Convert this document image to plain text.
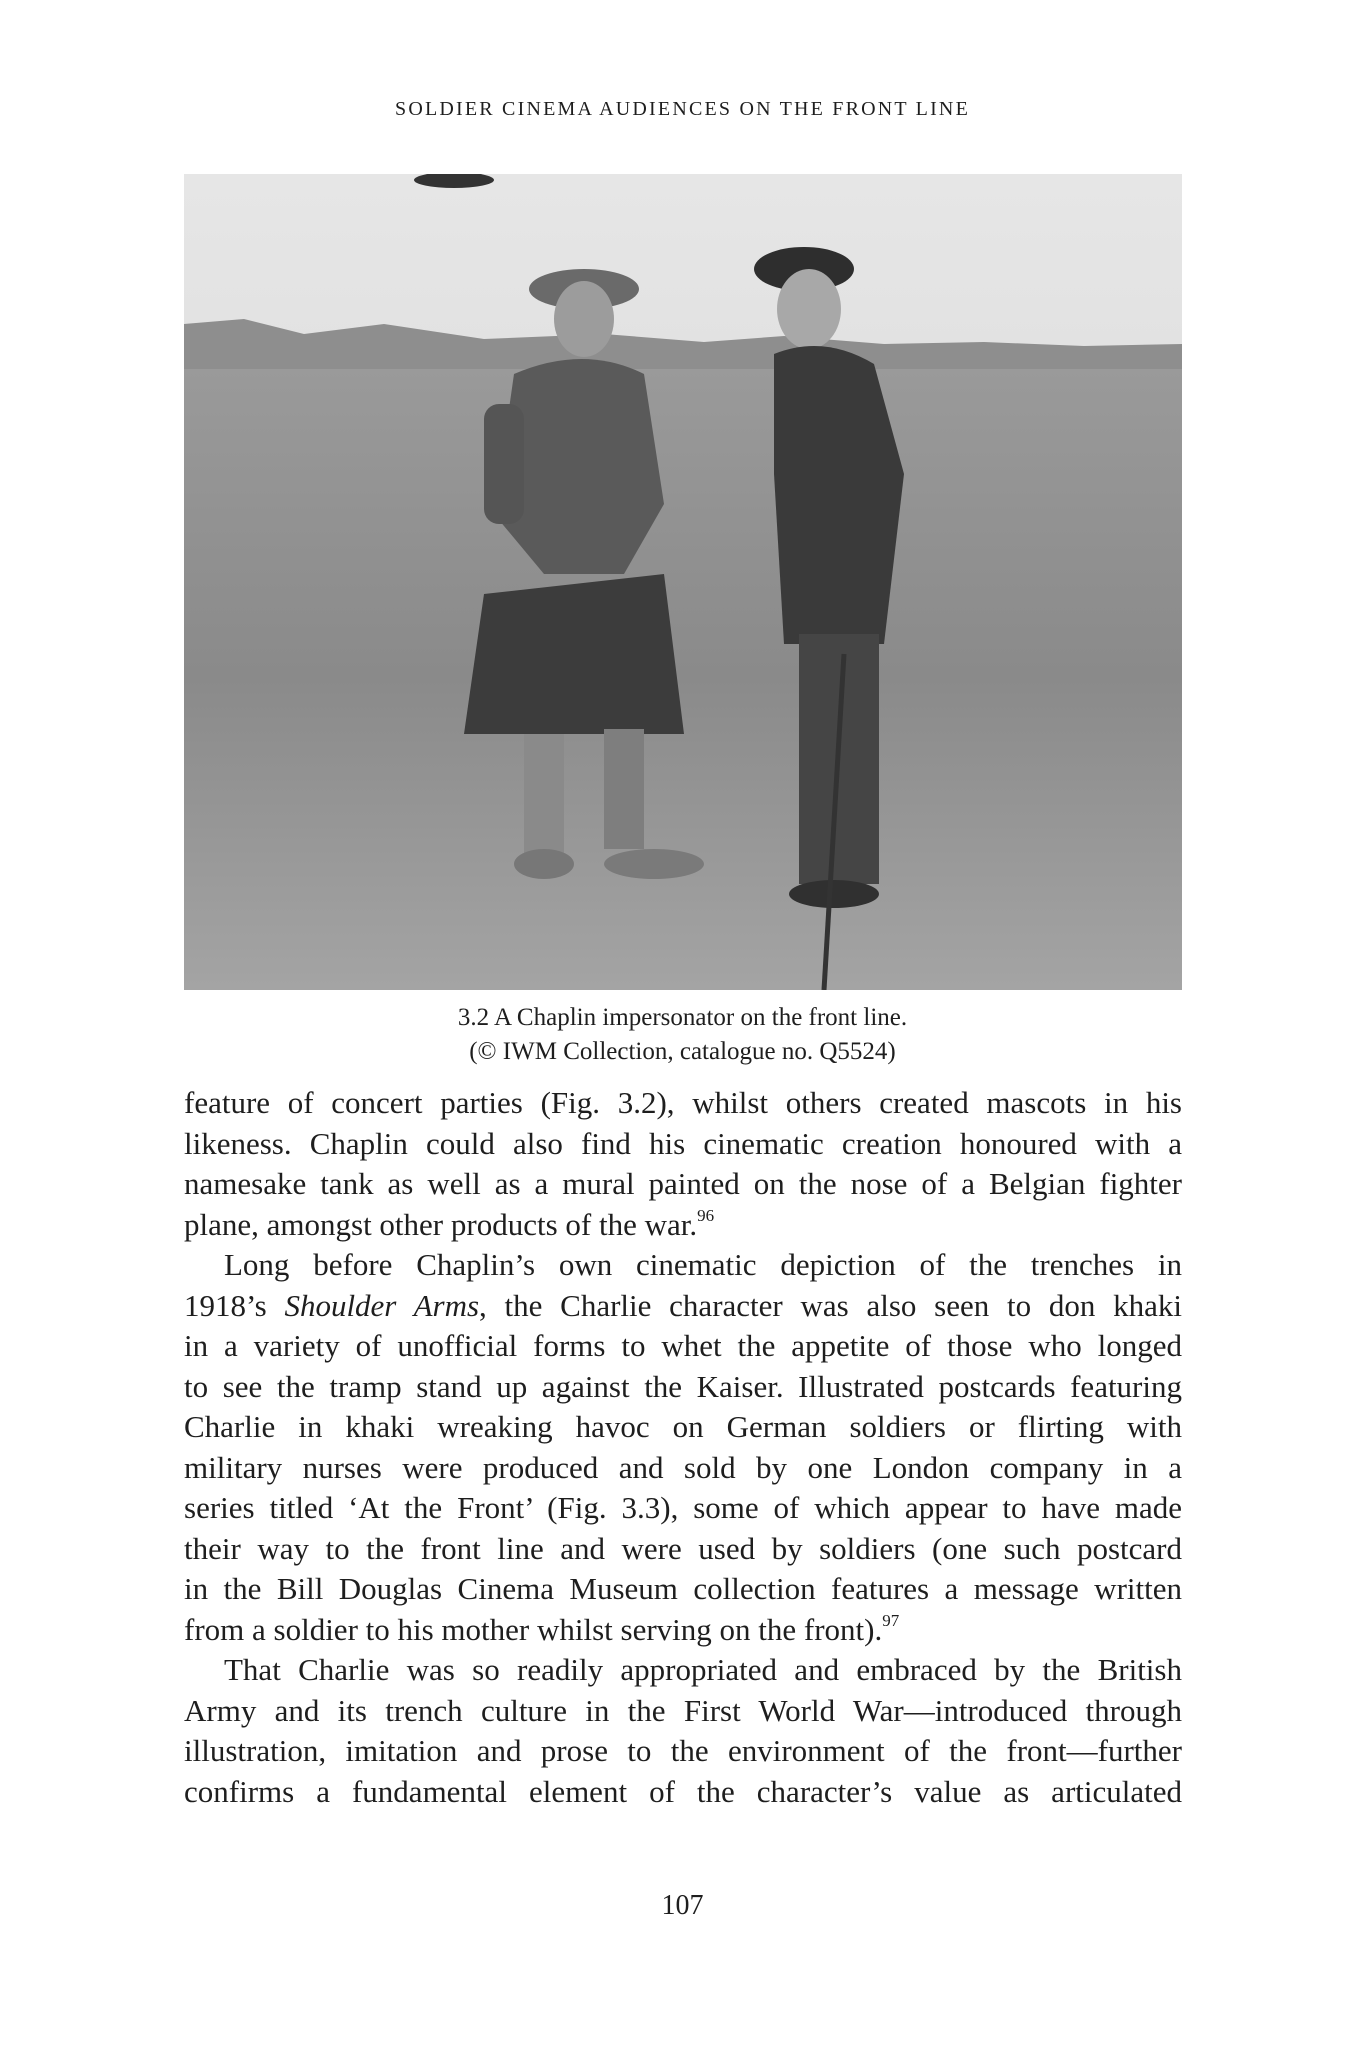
SOLDIER CINEMA AUDIENCES ON THE FRONT LINE
3.2 A Chaplin impersonator on the front line.
(© IWM Collection, catalogue no. Q5524)

feature of concert parties (Fig. 3.2), whilst others created mascots in his
likeness. Chaplin could also find his cinematic creation honoured with a
namesake tank as well as a mural painted on the nose of a Belgian fighter
plane, amongst other products of the war.$^{96}$

Long before Chaplin’s own cinematic depiction of the trenches in
1918’s Shoulder Arms, the Charlie character was also seen to don khaki
in a variety of unofficial forms to whet the appetite of those who longed
to see the tramp stand up against the Kaiser. Illustrated postcards featuring
Charlie in khaki wreaking havoc on German soldiers or flirting with
military nurses were produced and sold by one London company in a
series titled ‘At the Front’ (Fig. 3.3), some of which appear to have made
their way to the front line and were used by soldiers (one such postcard
in the Bill Douglas Cinema Museum collection features a message written
from a soldier to his mother whilst serving on the front).$^{97}$

That Charlie was so readily appropriated and embraced by the British
Army and its trench culture in the First World War—introduced through
illustration, imitation and prose to the environment of the front—further
confirms a fundamental element of the character’s value as articulated

107
